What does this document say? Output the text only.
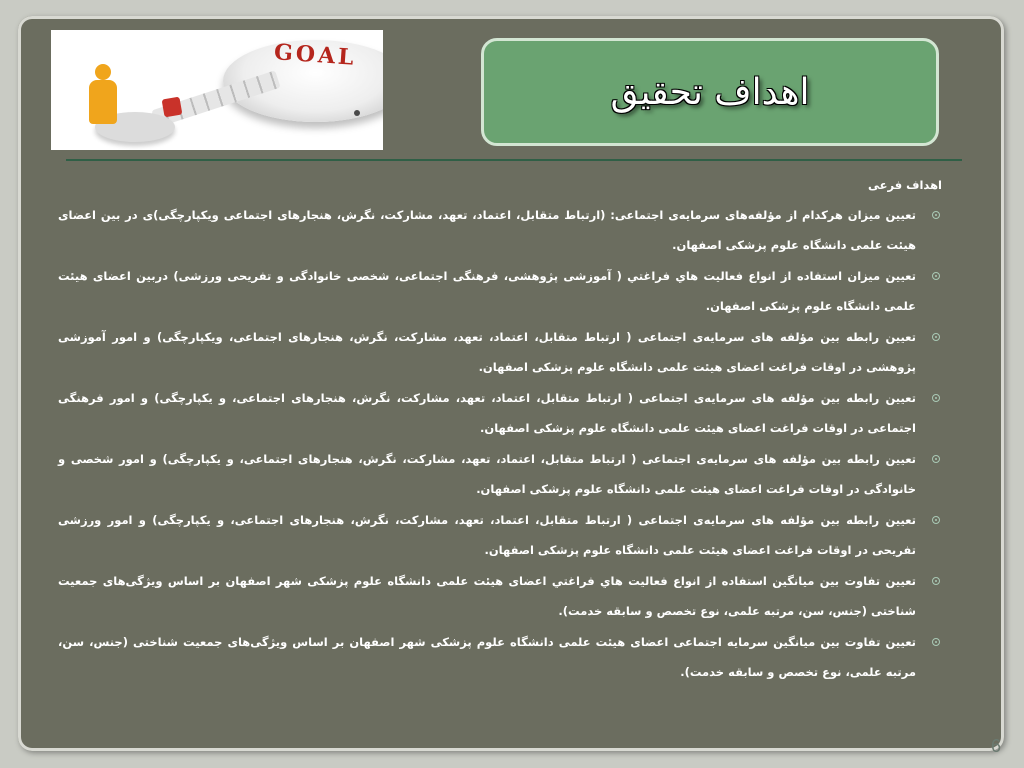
GOAL
اهداف تحقیق
اهداف فرعی
تعیین میزان هرکدام از مؤلفه‌های سرمایه‌ی اجتماعی: (ارتباط متقابل، اعتماد، تعهد، مشارکت، نگرش، هنجارهای اجتماعی ویکپارچگی)ی در بین اعضای هیئت علمی دانشگاه علوم پزشکی اصفهان.
تعیین میزان استفاده از انواع فعاليت هاي فراغتي ( آموزشی پژوهشی، فرهنگی اجتماعی، شخصی خانوادگی و تفریحی ورزشی) دربین اعضای هیئت علمی دانشگاه علوم پزشکی اصفهان.
تعیین رابطه بین مؤلفه های سرمایه‌ی اجتماعی ( ارتباط متقابل، اعتماد، تعهد، مشارکت، نگرش، هنجارهای اجتماعی، ویکپارچگی) و امور آموزشی پژوهشی در اوقات فراغت اعضای هیئت علمی دانشگاه علوم پزشکی اصفهان.
تعیین رابطه بین مؤلفه های سرمایه‌ی اجتماعی ( ارتباط متقابل، اعتماد، تعهد، مشارکت، نگرش، هنجارهای اجتماعی، و یکپارچگی) و امور فرهنگی اجتماعی در اوقات فراغت اعضای هیئت علمی دانشگاه علوم پزشکی اصفهان.
تعیین رابطه بین مؤلفه های سرمایه‌ی اجتماعی ( ارتباط متقابل، اعتماد، تعهد، مشارکت، نگرش، هنجارهای اجتماعی، و یکپارچگی) و امور شخصی و خانوادگی در اوقات فراغت اعضای هیئت علمی دانشگاه علوم پزشکی اصفهان.
تعیین رابطه بین مؤلفه های سرمایه‌ی اجتماعی ( ارتباط متقابل، اعتماد، تعهد، مشارکت، نگرش، هنجارهای اجتماعی، و یکپارچگی) و امور ورزشی تفریحی در اوقات فراغت اعضای هیئت علمی دانشگاه علوم پزشکی اصفهان.
تعیین تفاوت بین میانگین استفاده از انواع فعاليت هاي فراغتي اعضای هیئت علمی دانشگاه علوم پزشکی شهر اصفهان بر اساس ویژگی‌های جمعیت شناختی (جنس، سن، مرتبه علمی، نوع تخصص و سابقه خدمت).
تعیین تفاوت بین میانگین سرمایه اجتماعی اعضای هیئت علمی دانشگاه علوم پزشکی شهر اصفهان بر اساس ویژگی‌های جمعیت شناختی (جنس، سن، مرتبه علمی، نوع تخصص و سابقه خدمت).
6
